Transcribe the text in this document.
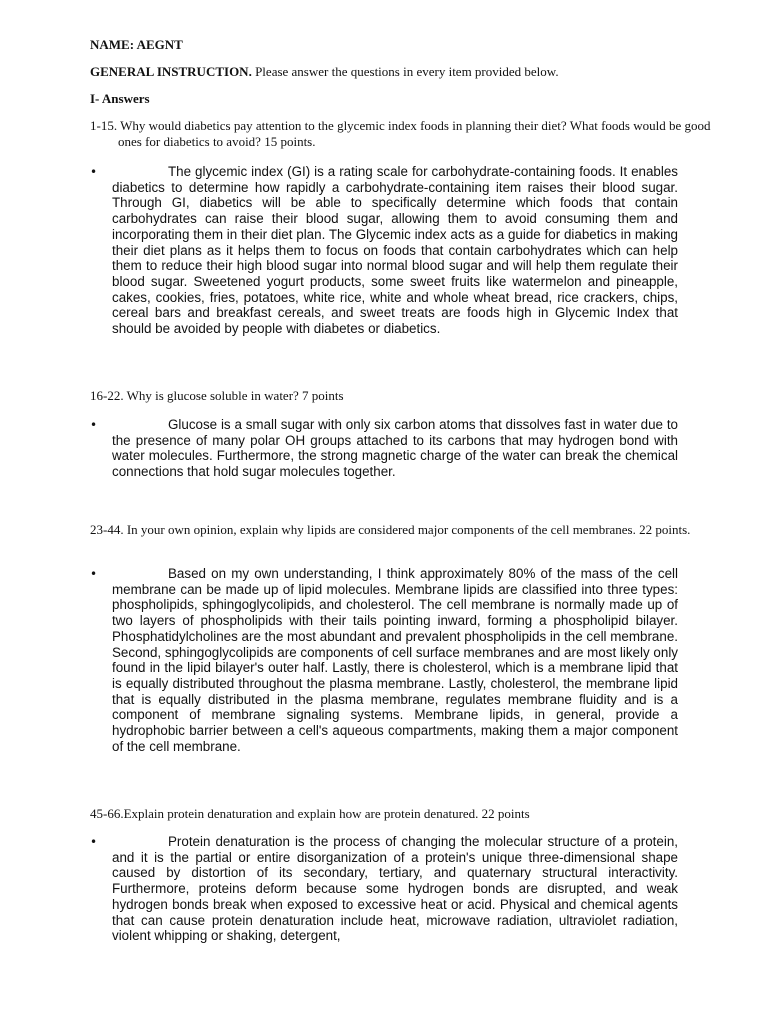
NAME: AEGNT
GENERAL INSTRUCTION. Please answer the questions in every item provided below.
I- Answers
1-15. Why would diabetics pay attention to the glycemic index foods in planning their diet? What foods would be good ones for diabetics to avoid? 15 points.
•	The glycemic index (GI) is a rating scale for carbohydrate-containing foods. It enables diabetics to determine how rapidly a carbohydrate-containing item raises their blood sugar. Through GI, diabetics will be able to specifically determine which foods that contain carbohydrates can raise their blood sugar, allowing them to avoid consuming them and incorporating them in their diet plan. The Glycemic index acts as a guide for diabetics in making their diet plans as it helps them to focus on foods that contain carbohydrates which can help them to reduce their high blood sugar into normal blood sugar and will help them regulate their blood sugar. Sweetened yogurt products, some sweet fruits like watermelon and pineapple, cakes, cookies, fries, potatoes, white rice, white and whole wheat bread, rice crackers, chips, cereal bars and breakfast cereals, and sweet treats are foods high in Glycemic Index that should be avoided by people with diabetes or diabetics.
16-22. Why is glucose soluble in water? 7 points
•	Glucose is a small sugar with only six carbon atoms that dissolves fast in water due to the presence of many polar OH groups attached to its carbons that may hydrogen bond with water molecules. Furthermore, the strong magnetic charge of the water can break the chemical connections that hold sugar molecules together.
23-44. In your own opinion, explain why lipids are considered major components of the cell membranes. 22 points.
•	Based on my own understanding, I think approximately 80% of the mass of the cell membrane can be made up of lipid molecules. Membrane lipids are classified into three types: phospholipids, sphingoglycolipids, and cholesterol. The cell membrane is normally made up of two layers of phospholipids with their tails pointing inward, forming a phospholipid bilayer. Phosphatidylcholines are the most abundant and prevalent phospholipids in the cell membrane. Second, sphingoglycolipids are components of cell surface membranes and are most likely only found in the lipid bilayer's outer half. Lastly, there is cholesterol, which is a membrane lipid that is equally distributed throughout the plasma membrane. Lastly, cholesterol, the membrane lipid that is equally distributed in the plasma membrane, regulates membrane fluidity and is a component of membrane signaling systems. Membrane lipids, in general, provide a hydrophobic barrier between a cell's aqueous compartments, making them a major component of the cell membrane.
45-66.Explain protein denaturation and explain how are protein denatured. 22 points
•	Protein denaturation is the process of changing the molecular structure of a protein, and it is the partial or entire disorganization of a protein's unique three-dimensional shape caused by distortion of its secondary, tertiary, and quaternary structural interactivity. Furthermore, proteins deform because some hydrogen bonds are disrupted, and weak hydrogen bonds break when exposed to excessive heat or acid. Physical and chemical agents that can cause protein denaturation include heat, microwave radiation, ultraviolet radiation, violent whipping or shaking, detergent,
